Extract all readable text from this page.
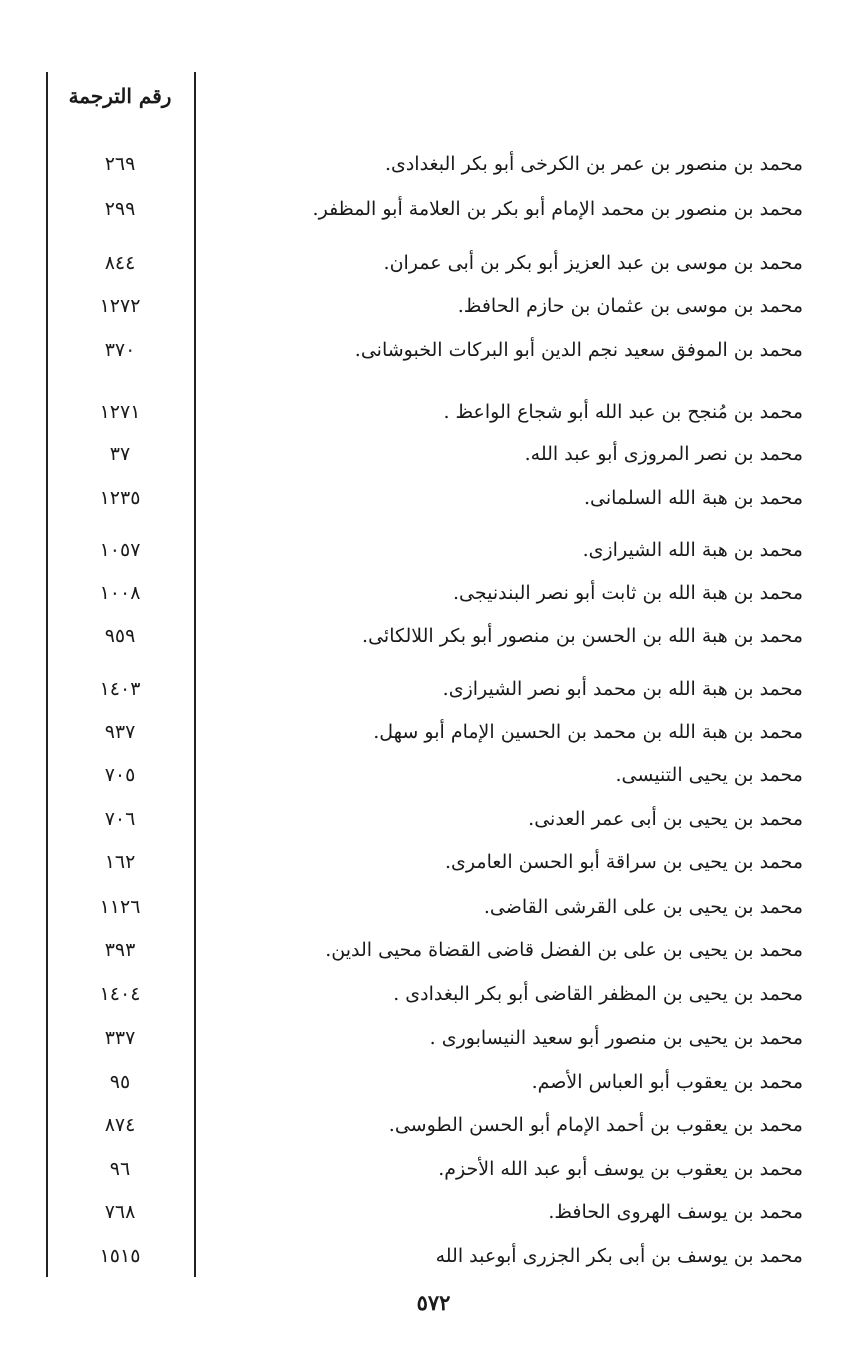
رقم الترجمة
محمد بن منصور بن عمر بن الكرخى أبو بكر البغدادى.
٢٦٩
محمد بن منصور بن محمد الإمام أبو بكر بن العلامة أبو المظفر.
٢٩٩
محمد بن موسى بن عبد العزيز أبو بكر بن أبى عمران.
٨٤٤
محمد بن موسى بن عثمان بن حازم الحافظ.
١٢٧٢
محمد بن الموفق سعيد نجم الدين أبو البركات الخبوشانى.
٣٧٠
محمد بن مُنجح بن عبد الله أبو شجاع الواعظ .
١٢٧١
محمد بن نصر المروزى أبو عبد الله.
٣٧
محمد بن هبة الله السلمانى.
١٢٣٥
محمد بن هبة الله الشيرازى.
١٠٥٧
محمد بن هبة الله بن ثابت أبو نصر البندنيجى.
١٠٠٨
محمد بن هبة الله بن الحسن بن منصور أبو بكر اللالكائى.
٩٥٩
محمد بن هبة الله بن محمد أبو نصر الشيرازى.
١٤٠٣
محمد بن هبة الله بن محمد بن الحسين الإمام أبو سهل.
٩٣٧
محمد بن يحيى التنيسى.
٧٠٥
محمد بن يحيى بن أبى عمر العدنى.
٧٠٦
محمد بن يحيى بن سراقة أبو الحسن العامرى.
١٦٢
محمد بن يحيى بن على القرشى القاضى.
١١٢٦
محمد بن يحيى بن على بن الفضل قاضى القضاة محيى الدين.
٣٩٣
محمد بن يحيى بن المظفر القاضى أبو بكر البغدادى .
١٤٠٤
محمد بن يحيى بن منصور أبو سعيد النيسابورى .
٣٣٧
محمد بن يعقوب أبو العباس الأصم.
٩٥
محمد بن يعقوب بن أحمد الإمام أبو الحسن الطوسى.
٨٧٤
محمد بن يعقوب بن يوسف أبو عبد الله الأحزم.
٩٦
محمد بن يوسف الهروى الحافظ.
٧٦٨
محمد بن يوسف بن أبى بكر الجزرى أبوعبد الله
١٥١٥
٥٧٢
